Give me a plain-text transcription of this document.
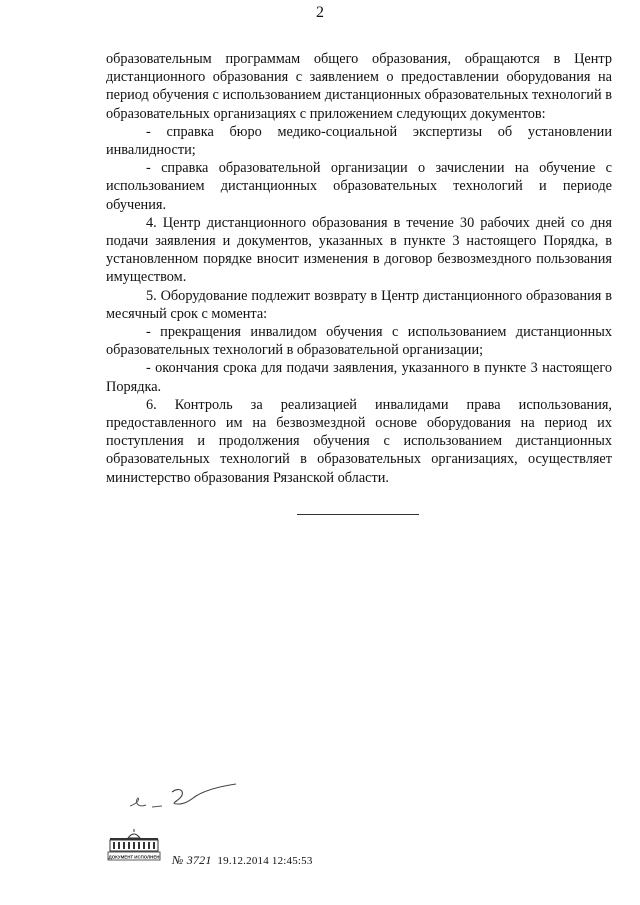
2

образовательным программам общего образования, обращаются в Центр дистанционного образования с заявлением о предоставлении оборудования на период обучения с использованием дистанционных образовательных технологий в образовательных организациях с приложением следующих документов:

- справка бюро медико-социальной экспертизы об установлении инвалидности;

- справка образовательной организации о зачислении на обучение с использованием дистанционных образовательных технологий и периоде обучения.

4. Центр дистанционного образования в течение 30 рабочих дней со дня подачи заявления и документов, указанных в пункте 3 настоящего Порядка, в установленном порядке вносит изменения в договор безвозмездного пользования имуществом.

5. Оборудование подлежит возврату в Центр дистанционного образования в месячный срок с момента:

- прекращения инвалидом обучения с использованием дистанционных образовательных технологий в образовательной организации;

- окончания срока для подачи заявления, указанного в пункте 3 настоящего Порядка.

6. Контроль за реализацией инвалидами права использования, предоставленного им на безвозмездной основе оборудования на период их поступления и продолжения обучения с использованием дистанционных образовательных технологий в образовательных организациях, осуществляет министерство образования Рязанской области.

ДОКУМЕНТ ИСПОЛНЕН № 3721 19.12.2014 12:45:53
